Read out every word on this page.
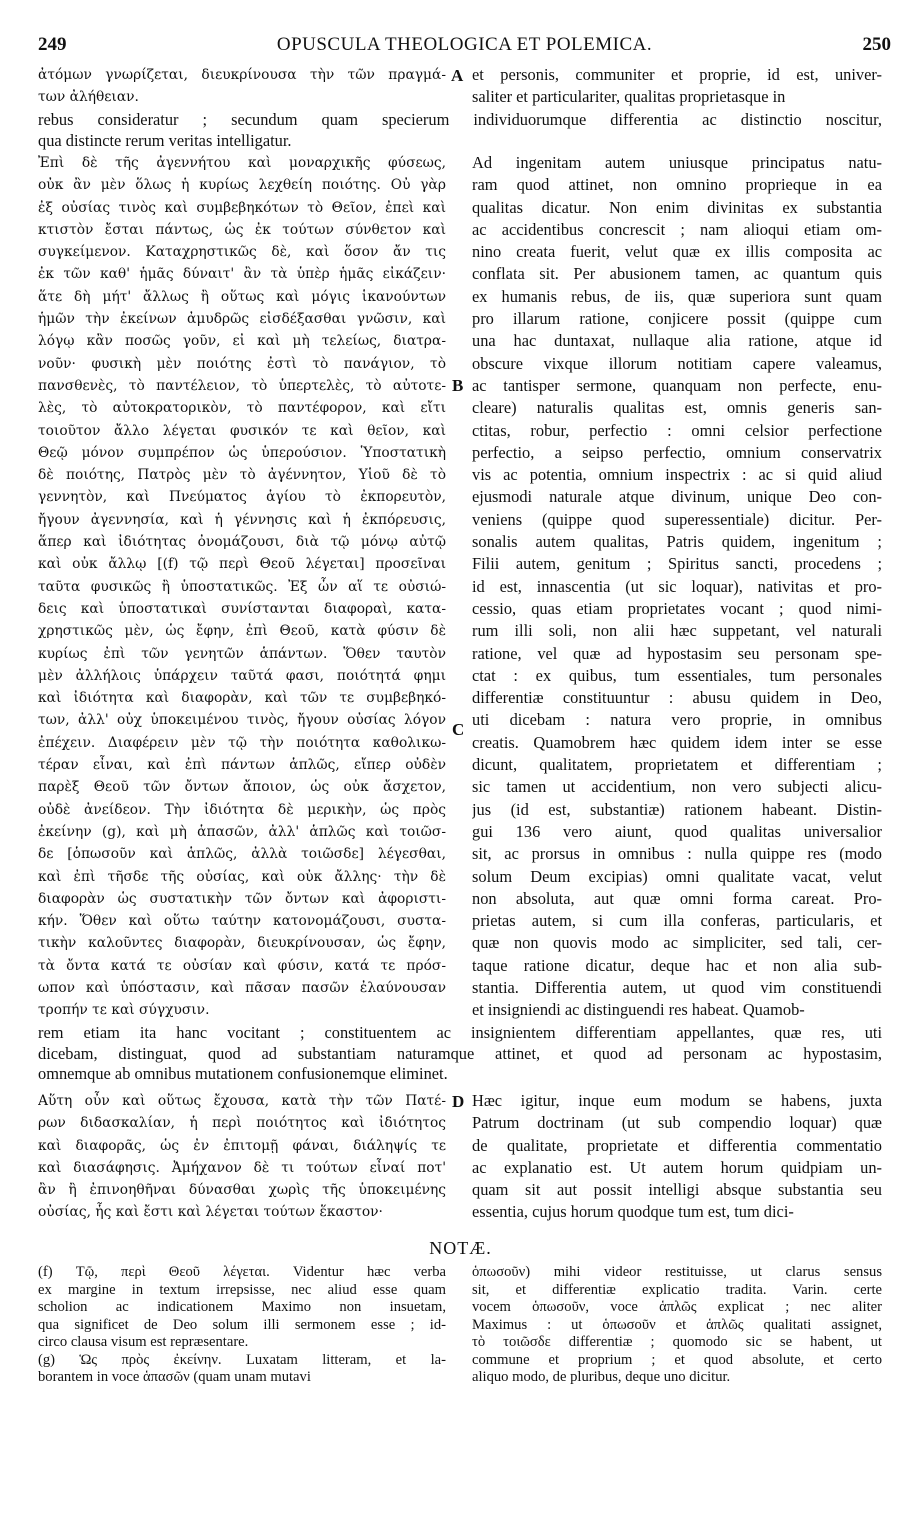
249	OPUSCULA THEOLOGICA ET POLEMICA.	250
ἀτόμων γνωρίζεται, διευκρίνουσα τὴν τῶν πραγμά-
των ἀλήθειαν.
et personis, communiter et proprie, id est, univer-
saliter et particulariter, qualitas proprietasque in
A
rebus consideratur ; secundum quam specierum individuorumque differentia ac distinctio noscitur,
qua distincte rerum veritas intelligatur.
Ἐπὶ δὲ τῆς ἀγεννήτου καὶ μοναρχικῆς φύσεως,
οὐκ ἂν μὲν ὅλως ἡ κυρίως λεχθείη ποιότης. Οὐ γὰρ
ἐξ οὐσίας τινὸς καὶ συμβεβηκότων τὸ Θεῖον, ἐπεὶ καὶ
κτιστὸν ἔσται πάντως, ὡς ἐκ τούτων σύνθετον καὶ
συγκείμενον. Καταχρηστικῶς δὲ, καὶ ὅσον ἄν τις
ἐκ τῶν καθ' ἡμᾶς δύναιτ' ἂν τὰ ὑπὲρ ἡμᾶς εἰκάζειν·
ἅτε δὴ μήτ' ἄλλως ἢ οὕτως καὶ μόγις ἱκανούντων
ἡμῶν τὴν ἐκείνων ἀμυδρῶς εἰσδέξασθαι γνῶσιν, καὶ
λόγῳ κἂν ποσῶς γοῦν, εἰ καὶ μὴ τελείως, διατρα-
νοῦν· φυσικὴ μὲν ποιότης ἐστὶ τὸ πανάγιον, τὸ
πανσθενὲς, τὸ παντέλειον, τὸ ὑπερτελὲς, τὸ αὐτοτε-
λὲς, τὸ αὐτοκρατορικὸν, τὸ παντέφορον, καὶ εἴτι
τοιοῦτον ἄλλο λέγεται φυσικόν τε καὶ θεῖον, καὶ
Θεῷ μόνον συμπρέπον ὡς ὑπερούσιον. Ὑποστατικὴ
δὲ ποιότης, Πατρὸς μὲν τὸ ἀγέννητον, Υἱοῦ δὲ τὸ
γεννητὸν, καὶ Πνεύματος ἁγίου τὸ ἐκπορευτὸν,
ἤγουν ἀγεννησία, καὶ ἡ γέννησις καὶ ἡ ἐκπόρευσις,
ἅπερ καὶ ἰδιότητας ὀνομάζουσι, διὰ τῷ μόνῳ αὐτῷ
καὶ οὐκ ἄλλῳ [(f) τῷ περὶ Θεοῦ λέγεται] προσεῖναι
ταῦτα φυσικῶς ἢ ὑποστατικῶς. Ἐξ ὧν αἵ τε οὐσιώ-
δεις καὶ ὑποστατικαὶ συνίστανται διαφοραὶ, κατα-
χρηστικῶς μὲν, ὡς ἔφην, ἐπὶ Θεοῦ, κατὰ φύσιν δὲ
κυρίως ἐπὶ τῶν γενητῶν ἁπάντων. Ὅθεν ταυτὸν
μὲν ἀλλήλοις ὑπάρχειν ταῦτά φασι, ποιότητά φημι
καὶ ἰδιότητα καὶ διαφορὰν, καὶ τῶν τε συμβεβηκό-
των, ἀλλ' οὐχ ὑποκειμένου τινὸς, ἤγουν οὐσίας λόγον
ἐπέχειν. Διαφέρειν μὲν τῷ τὴν ποιότητα καθολικω-
τέραν εἶναι, καὶ ἐπὶ πάντων ἁπλῶς, εἴπερ οὐδὲν
παρὲξ Θεοῦ τῶν ὄντων ἄποιον, ὡς οὐκ ἄσχετον,
οὐδὲ ἀνείδεον. Τὴν ἰδιότητα δὲ μερικὴν, ὡς πρὸς
ἐκείνην (g), καὶ μὴ ἁπασῶν, ἀλλ' ἁπλῶς καὶ τοιῶσ-
δε [ὁπωσοῦν καὶ ἁπλῶς, ἀλλὰ τοιῶσδε] λέγεσθαι,
καὶ ἐπὶ τῆσδε τῆς οὐσίας, καὶ οὐκ ἄλλης· τὴν δὲ
διαφορὰν ὡς συστατικὴν τῶν ὄντων καὶ ἀφοριστι-
κήν. Ὅθεν καὶ οὕτω ταύτην κατονομάζουσι, συστα-
τικὴν καλοῦντες διαφορὰν, διευκρίνουσαν, ὡς ἔφην,
τὰ ὄντα κατά τε οὐσίαν καὶ φύσιν, κατά τε πρόσ-
ωπον καὶ ὑπόστασιν, καὶ πᾶσαν πασῶν ἐλαύνουσαν
τροπήν τε καὶ σύγχυσιν.
Ad ingenitam autem uniusque principatus natu-
ram quod attinet, non omnino proprieque in ea
qualitas dicatur. Non enim divinitas ex substantia
ac accidentibus concrescit ; nam alioqui etiam om-
nino creata fuerit, velut quæ ex illis composita ac
conflata sit. Per abusionem tamen, ac quantum quis
ex humanis rebus, de iis, quæ superiora sunt quam
pro illarum ratione, conjicere possit (quippe cum
una hac duntaxat, nullaque alia ratione, atque id
obscure vixque illorum notitiam capere valeamus,
ac tantisper sermone, quanquam non perfecte, enu-
cleare) naturalis qualitas est, omnis generis san-
ctitas, robur, perfectio : omni celsior perfectione
perfectio, a seipso perfectio, omnium conservatrix
vis ac potentia, omnium inspectrix : ac si quid aliud
ejusmodi naturale atque divinum, unique Deo con-
veniens (quippe quod superessentiale) dicitur. Per-
sonalis autem qualitas, Patris quidem, ingenitum ;
Filii autem, genitum ; Spiritus sancti, procedens ;
id est, innascentia (ut sic loquar), nativitas et pro-
cessio, quas etiam proprietates vocant ; quod nimi-
rum illi soli, non alii hæc suppetant, vel naturali
ratione, vel quæ ad hypostasim seu personam spe-
ctat : ex quibus, tum essentiales, tum personales
differentiæ constituuntur : abusu quidem in Deo,
uti dicebam : natura vero proprie, in omnibus
creatis. Quamobrem hæc quidem idem inter se esse
dicunt, qualitatem, proprietatem et differentiam ;
sic tamen ut accidentium, non vero subjecti alicu-
jus (id est, substantiæ) rationem habeant. Distin-
gui 136 vero aiunt, quod qualitas universalior
sit, ac prorsus in omnibus : nulla quippe res (modo
solum Deum excipias) omni qualitate vacat, velut
non absoluta, aut quæ omni forma careat. Pro-
prietas autem, si cum illa conferas, particularis, et
quæ non quovis modo ac simpliciter, sed tali, cer-
taque ratione dicatur, deque hac et non alia sub-
stantia. Differentia autem, ut quod vim constituendi
et insigniendi ac distinguendi res habeat. Quamob-
B
C
rem etiam ita hanc vocitant ; constituentem ac insignientem differentiam appellantes, quæ res, uti
dicebam, distinguat, quod ad substantiam naturamque attinet, et quod ad personam ac hypostasim,
omnemque ab omnibus mutationem confusionemque eliminet.
Αὕτη οὖν καὶ οὕτως ἔχουσα, κατὰ τὴν τῶν Πατέ-
ρων διδασκαλίαν, ἡ περὶ ποιότητος καὶ ἰδιότητος
καὶ διαφορᾶς, ὡς ἐν ἐπιτομῇ φάναι, διάληψίς τε
καὶ διασάφησις. Ἀμήχανον δὲ τι τούτων εἶναί ποτ'
ἂν ἢ ἐπινοηθῆναι δύνασθαι χωρὶς τῆς ὑποκειμένης
οὐσίας, ἧς καὶ ἔστι καὶ λέγεται τούτων ἕκαστον·
Hæc igitur, inque eum modum se habens, juxta
Patrum doctrinam (ut sub compendio loquar) quæ
de qualitate, proprietate et differentia commentatio
ac explanatio est. Ut autem horum quidpiam un-
quam sit aut possit intelligi absque substantia seu
essentia, cujus horum quodque tum est, tum dici-
D
NOTÆ.
(f) Τῷ, περὶ Θεοῦ λέγεται. Videntur hæc verba
ex margine in textum irrepsisse, nec aliud esse quam
scholion ac indicationem Maximo non insuetam,
qua significet de Deo solum illi sermonem esse ; id-
circo clausa visum est repræsentare.
(g) Ὡς πρὸς ἐκείνην. Luxatam litteram, et la-
borantem in voce ἁπασῶν (quam unam mutavi
ὁπωσοῦν) mihi videor restituisse, ut clarus sensus
sit, et differentiæ explicatio tradita. Varin. certe
vocem ὁπωσοῦν, voce ἁπλῶς explicat ; nec aliter
Maximus : ut ὁπωσοῦν et ἁπλῶς qualitati assignet,
τὸ τοιῶσδε differentiæ ; quomodo sic se habent, ut
commune et proprium ; et quod absolute, et certo
aliquo modo, de pluribus, deque uno dicitur.
